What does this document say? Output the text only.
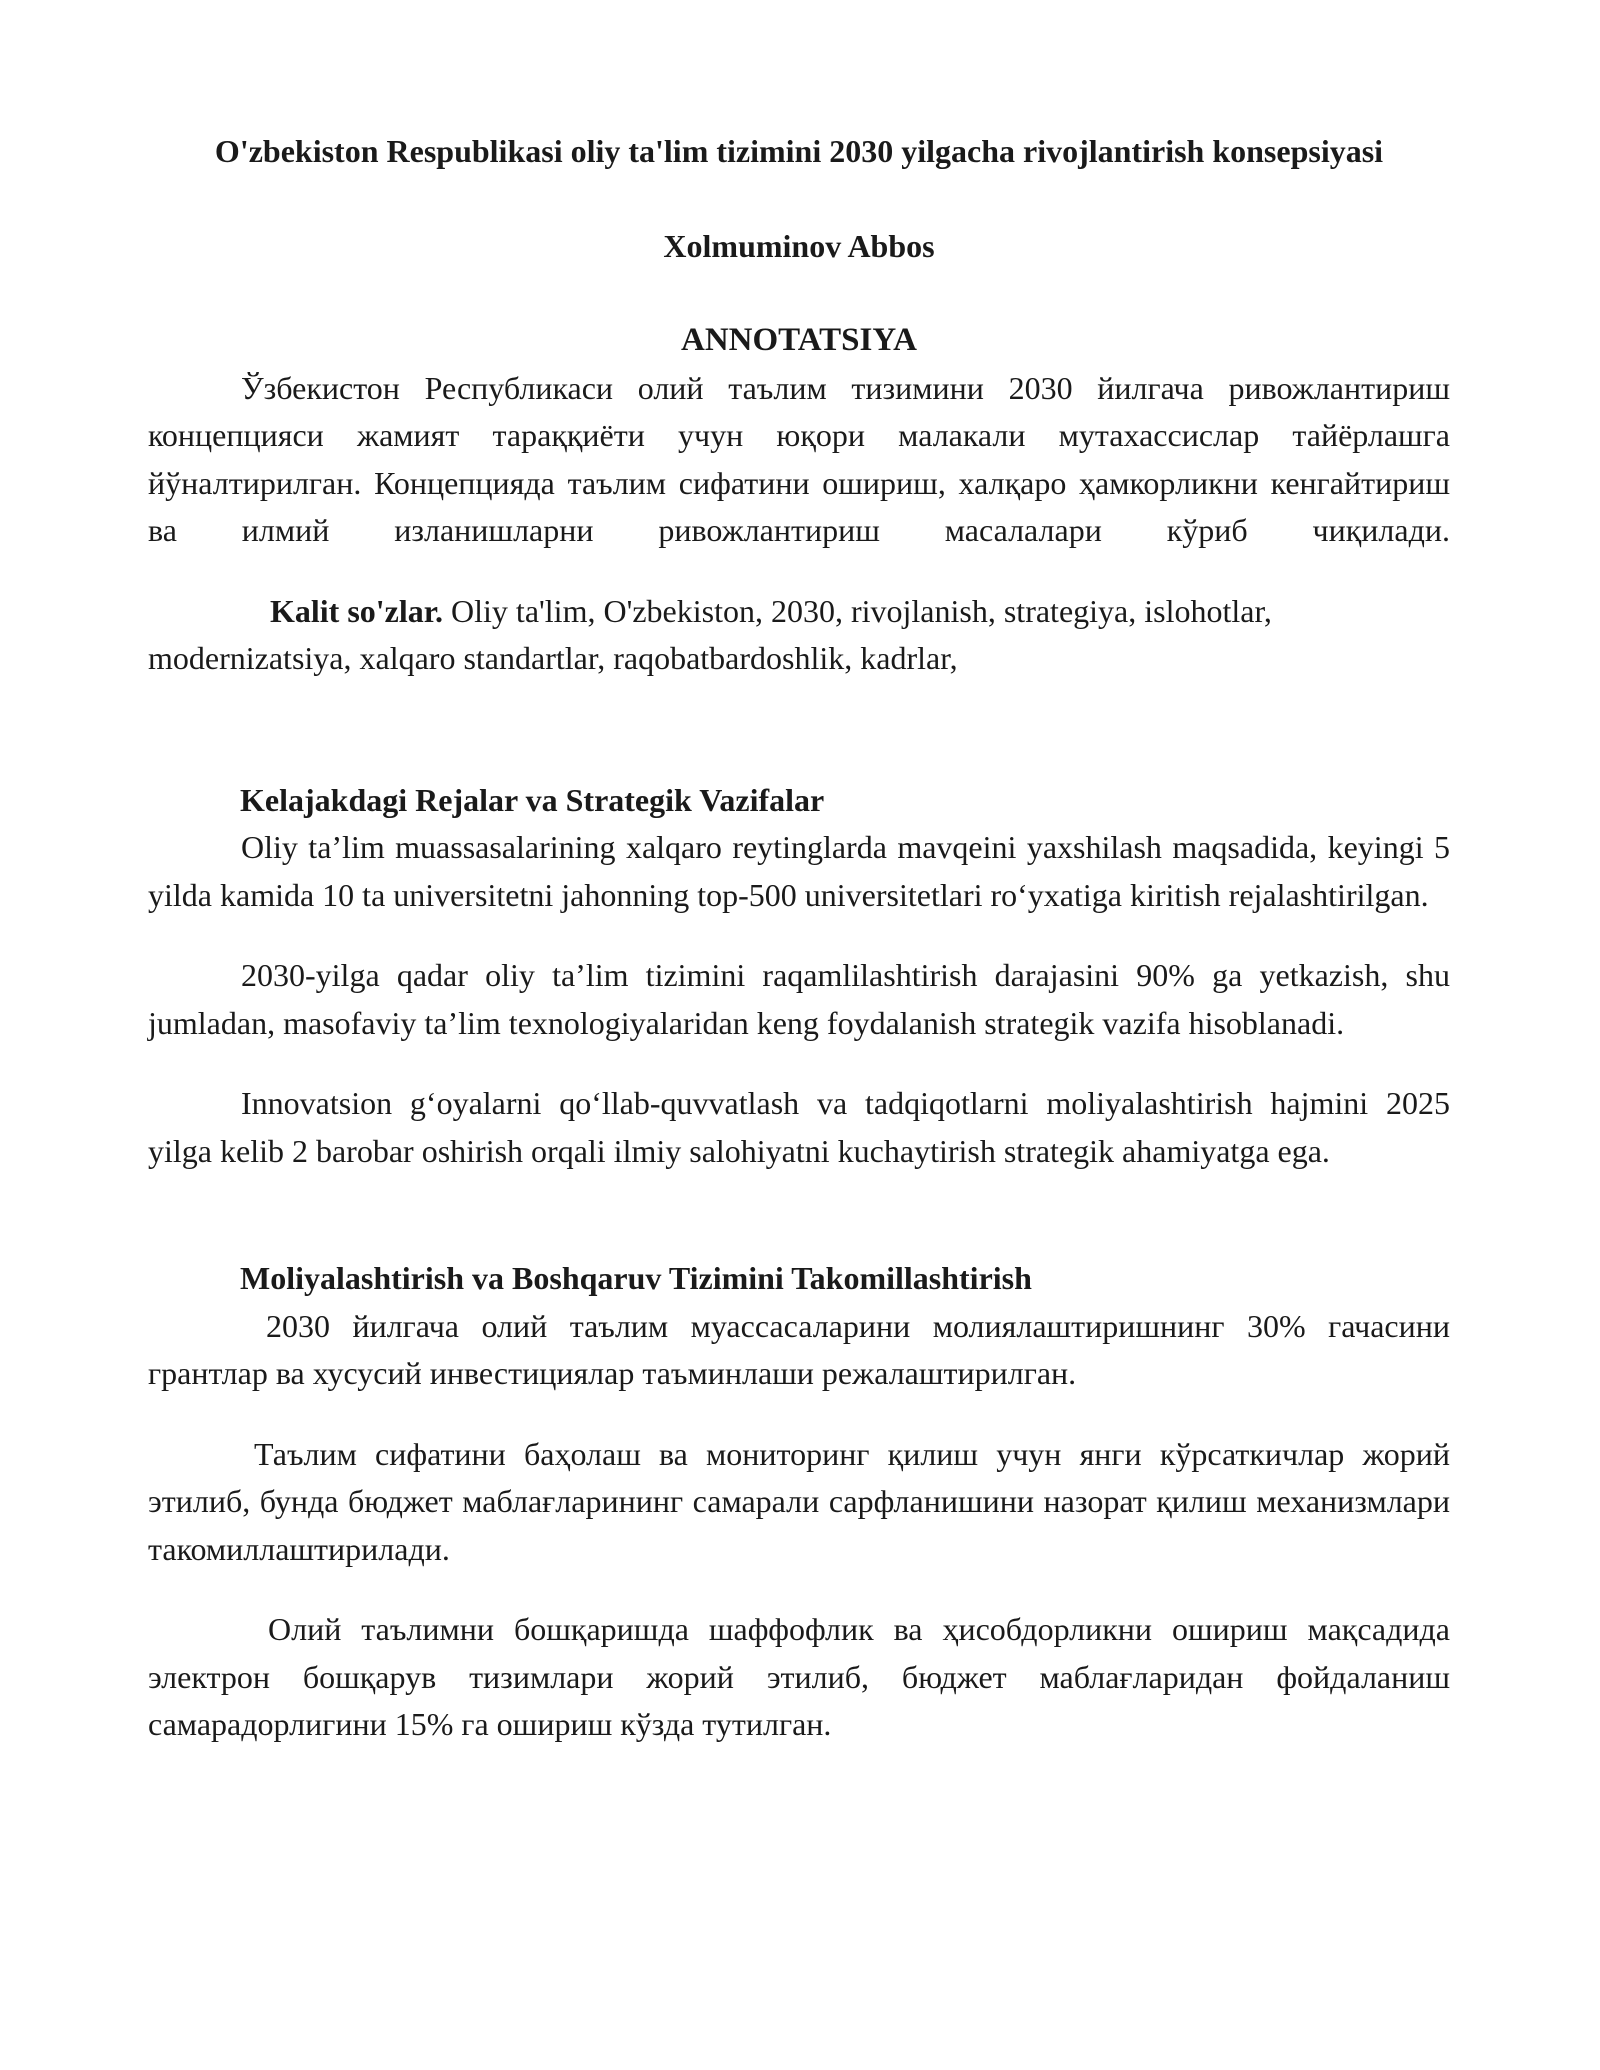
O'zbekiston Respublikasi oliy ta'lim tizimini 2030 yilgacha rivojlantirish konsepsiyasi

Xolmuminov Abbos

ANNOTATSIYA

Ўзбекистон Республикаси олий таълим тизимини 2030 йилгача ривожлантириш концепцияси жамият тараққиёти учун юқори малакали мутахассислар тайёрлашга йўналтирилган. Концепцияда таълим сифатини ошириш, халқаро ҳамкорликни кенгайтириш ва илмий изланишларни ривожлантириш масалалари кўриб чиқилади.

Kalit so'zlar. Oliy ta'lim, O'zbekiston, 2030, rivojlanish, strategiya, islohotlar, modernizatsiya, xalqaro standartlar, raqobatbardoshlik, kadrlar,

Kelajakdagi Rejalar va Strategik Vazifalar

Oliy ta’lim muassasalarining xalqaro reytinglarda mavqeini yaxshilash maqsadida, keyingi 5 yilda kamida 10 ta universitetni jahonning top-500 universitetlari ro‘yxatiga kiritish rejalashtirilgan.

2030-yilga qadar oliy ta’lim tizimini raqamlilashtirish darajasini 90% ga yetkazish, shu jumladan, masofaviy ta’lim texnologiyalaridan keng foydalanish strategik vazifa hisoblanadi.

Innovatsion g‘oyalarni qo‘llab-quvvatlash va tadqiqotlarni moliyalashtirish hajmini 2025 yilga kelib 2 barobar oshirish orqali ilmiy salohiyatni kuchaytirish strategik ahamiyatga ega.

Moliyalashtirish va Boshqaruv Tizimini Takomillashtirish

2030 йилгача олий таълим муассасаларини молиялаштиришнинг 30% гачасини грантлар ва хусусий инвестициялар таъминлаши режалаштирилган.

Таълим сифатини баҳолаш ва мониторинг қилиш учун янги кўрсаткичлар жорий этилиб, бунда бюджет маблағларининг самарали сарфланишини назорат қилиш механизмлари такомиллаштирилади.

Олий таълимни бошқаришда шаффофлик ва ҳисобдорликни ошириш мақсадида электрон бошқарув тизимлари жорий этилиб, бюджет маблағларидан фойдаланиш самарадорлигини 15% га ошириш кўзда тутилган.
